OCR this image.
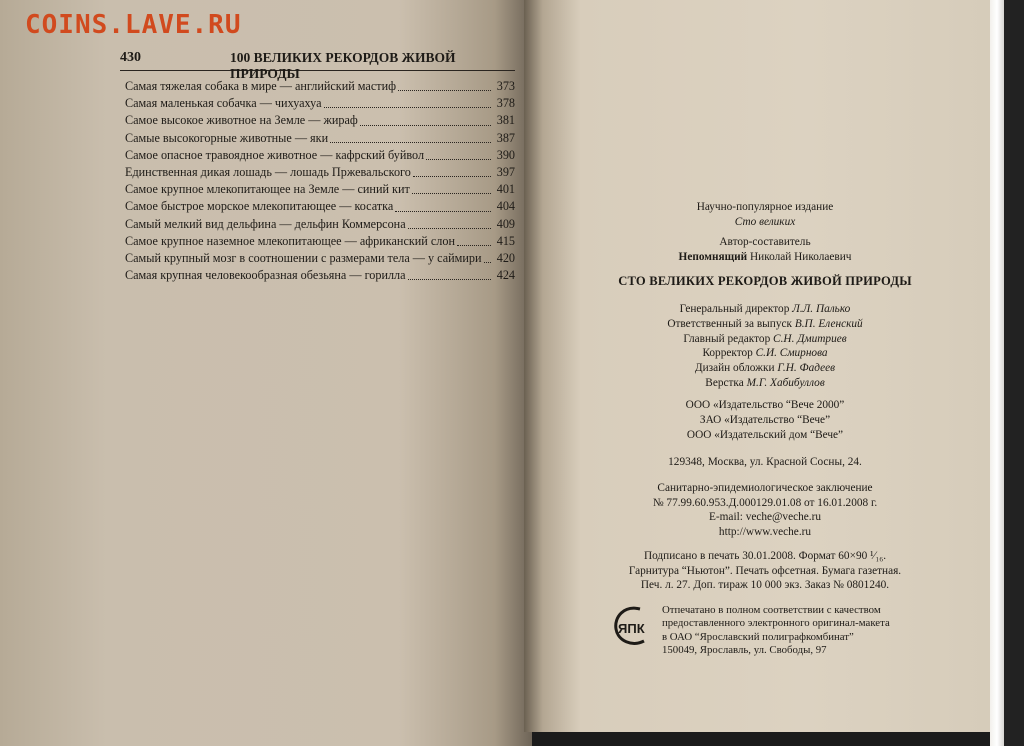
COINS.LAVE.RU
430	100 ВЕЛИКИХ РЕКОРДОВ ЖИВОЙ ПРИРОДЫ
Самая тяжелая собака в мире — английский мастиф	373
Самая маленькая собачка — чихуахуа	378
Самое высокое животное на Земле — жираф	381
Самые высокогорные животные — яки	387
Самое опасное травоядное животное — кафрский буйвол	390
Единственная дикая лошадь — лошадь Пржевальского	397
Самое крупное млекопитающее на Земле — синий кит	401
Самое быстрое морское млекопитающее — косатка	404
Самый мелкий вид дельфина — дельфин Коммерсона	409
Самое крупное наземное млекопитающее — африканский слон	415
Самый крупный мозг в соотношении с размерами тела — у саймири	420
Самая крупная человекообразная обезьяна — горилла	424
Научно-популярное издание
Сто великих
Автор-составитель
Непомнящий Николай Николаевич
СТО ВЕЛИКИХ РЕКОРДОВ ЖИВОЙ ПРИРОДЫ
Генеральный директор Л.Л. Палько
Ответственный за выпуск В.П. Еленский
Главный редактор С.Н. Дмитриев
Корректор С.И. Смирнова
Дизайн обложки Г.Н. Фадеев
Верстка М.Г. Хабибуллов
ООО «Издательство “Вече 2000”
ЗАО «Издательство “Вече”
ООО «Издательский дом “Вече”
129348, Москва, ул. Красной Сосны, 24.
Санитарно-эпидемиологическое заключение
№ 77.99.60.953.Д.000129.01.08 от 16.01.2008 г.
E-mail: veche@veche.ru
http://www.veche.ru
Подписано в печать 30.01.2008. Формат 60×90 ¹⁄₁₆.
Гарнитура “Ньютон”. Печать офсетная. Бумага газетная.
Печ. л. 27. Доп. тираж 10 000 экз. Заказ № 0801240.
ЯПК
Отпечатано в полном соответствии с качеством
предоставленного электронного оригинал-макета
в ОАО “Ярославский полиграфкомбинат”
150049, Ярославль, ул. Свободы, 97
